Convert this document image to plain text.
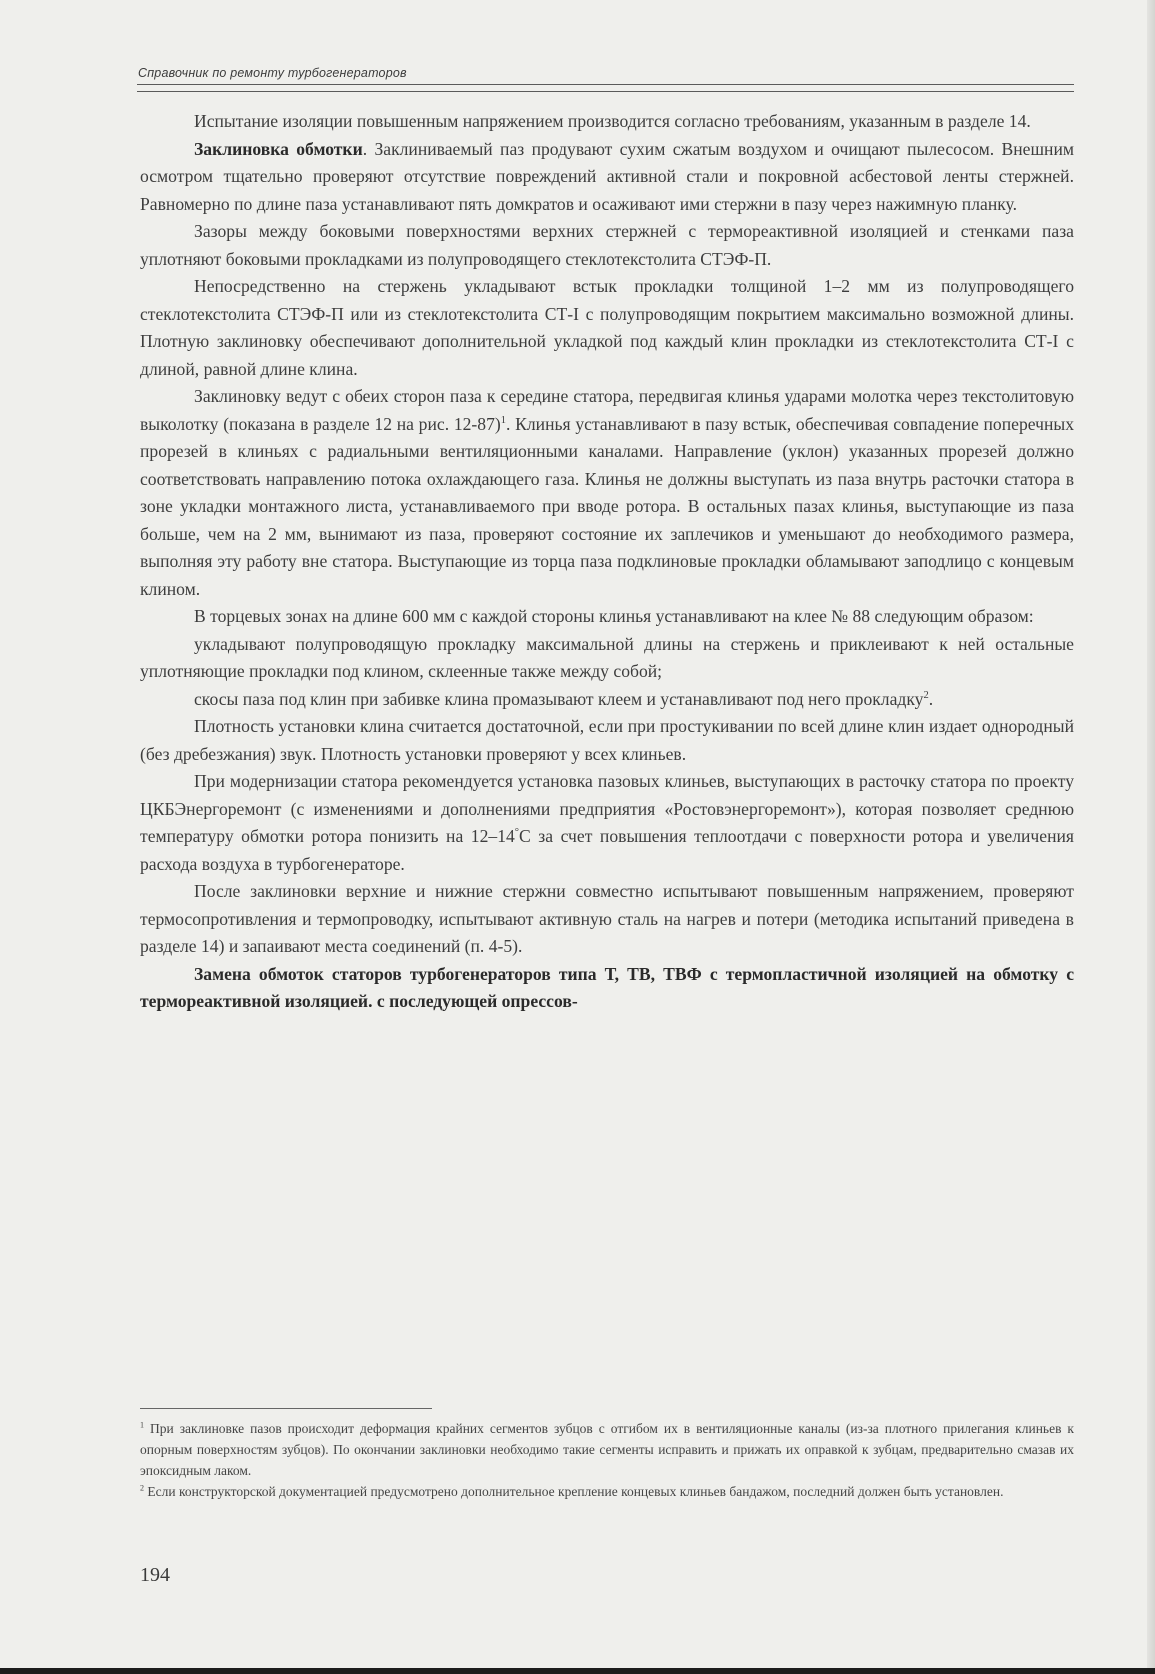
Справочник по ремонту турбогенераторов

Испытание изоляции повышенным напряжением производится согласно требованиям, указанным в разделе 14.

Заклиновка обмотки. Заклиниваемый паз продувают сухим сжатым воздухом и очищают пылесосом. Внешним осмотром тщательно проверяют отсутствие повреждений активной стали и покровной асбестовой ленты стержней. Равномерно по длине паза устанавливают пять домкратов и осаживают ими стержни в пазу через нажимную планку.

Зазоры между боковыми поверхностями верхних стержней с термореактивной изоляцией и стенками паза уплотняют боковыми прокладками из полупроводящего стеклотекстолита СТЭФ-П.

Непосредственно на стержень укладывают встык прокладки толщиной 1–2 мм из полупроводящего стеклотекстолита СТЭФ-П или из стеклотекстолита СТ-I с полупроводящим покрытием максимально возможной длины. Плотную заклиновку обеспечивают дополнительной укладкой под каждый клин прокладки из стеклотекстолита СТ-I с длиной, равной длине клина.

Заклиновку ведут с обеих сторон паза к середине статора, передвигая клинья ударами молотка через текстолитовую выколотку (показана в разделе 12 на рис. 12-87)$^1$. Клинья устанавливают в пазу встык, обеспечивая совпадение поперечных прорезей в клиньях с радиальными вентиляционными каналами. Направление (уклон) указанных прорезей должно соответствовать направлению потока охлаждающего газа. Клинья не должны выступать из паза внутрь расточки статора в зоне укладки монтажного листа, устанавливаемого при вводе ротора. В остальных пазах клинья, выступающие из паза больше, чем на 2 мм, вынимают из паза, проверяют состояние их заплечиков и уменьшают до необходимого размера, выполняя эту работу вне статора. Выступающие из торца паза подклиновые прокладки обламывают заподлицо с концевым клином.

В торцевых зонах на длине 600 мм с каждой стороны клинья устанавливают на клее № 88 следующим образом:

укладывают полупроводящую прокладку максимальной длины на стержень и приклеивают к ней остальные уплотняющие прокладки под клином, склеенные также между собой;

скосы паза под клин при забивке клина промазывают клеем и устанавливают под него прокладку$^2$.

Плотность установки клина считается достаточной, если при простукивании по всей длине клин издает однородный (без дребезжания) звук. Плотность установки проверяют у всех клиньев.

При модернизации статора рекомендуется установка пазовых клиньев, выступающих в расточку статора по проекту ЦКБЭнергоремонт (с изменениями и дополнениями предприятия «Ростовэнергоремонт»), которая позволяет среднюю температуру обмотки ротора понизить на 12–14°С за счет повышения теплоотдачи с поверхности ротора и увеличения расхода воздуха в турбогенераторе.

После заклиновки верхние и нижние стержни совместно испытывают повышенным напряжением, проверяют термосопротивления и термопроводку, испытывают активную сталь на нагрев и потери (методика испытаний приведена в разделе 14) и запаивают места соединений (п. 4-5).

Замена обмоток статоров турбогенераторов типа Т, ТВ, ТВФ с термопластичной изоляцией на обмотку с термореактивной изоляцией. с последующей опрессов-

$^1$ При заклиновке пазов происходит деформация крайних сегментов зубцов с отгибом их в вентиляционные каналы (из-за плотного прилегания клиньев к опорным поверхностям зубцов). По окончании заклиновки необходимо такие сегменты исправить и прижать их оправкой к зубцам, предварительно смазав их эпоксидным лаком.

$^2$ Если конструкторской документацией предусмотрено дополнительное крепление концевых клиньев бандажом, последний должен быть установлен.

194
